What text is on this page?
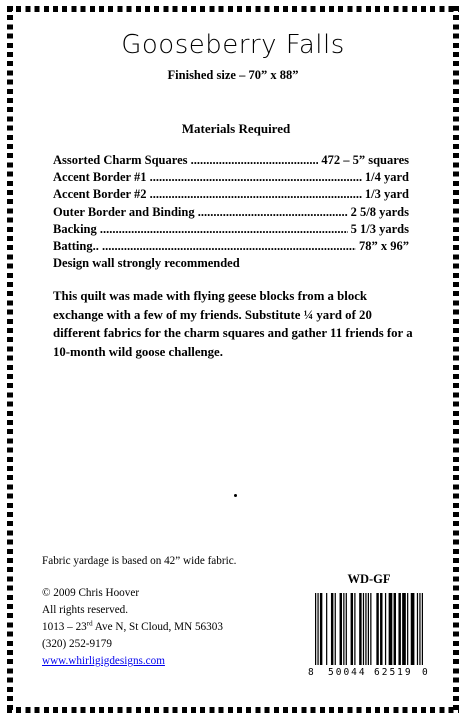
Gooseberry Falls
Finished size – 70” x 88”
Materials Required
Assorted Charm Squares .....	472 – 5” squares
Accent Border #1 .....	1/4 yard
Accent Border #2 .....	1/3 yard
Outer Border and Binding .....	2 5/8 yards
Backing .....	5 1/3 yards
Batting.. .....	78” x 96”
Design wall strongly recommended
This quilt was made with flying geese blocks from a block exchange with a few of my friends. Substitute ¼ yard of 20 different fabrics for the charm squares and gather 11 friends for a 10-month wild goose challenge.
Fabric yardage is based on 42” wide fabric.
© 2009 Chris Hoover
All rights reserved.
1013 – 23rd Ave N, St Cloud, MN 56303
(320) 252-9179
www.whirligigdesigns.com
WD-GF
8 50044 62519 0
